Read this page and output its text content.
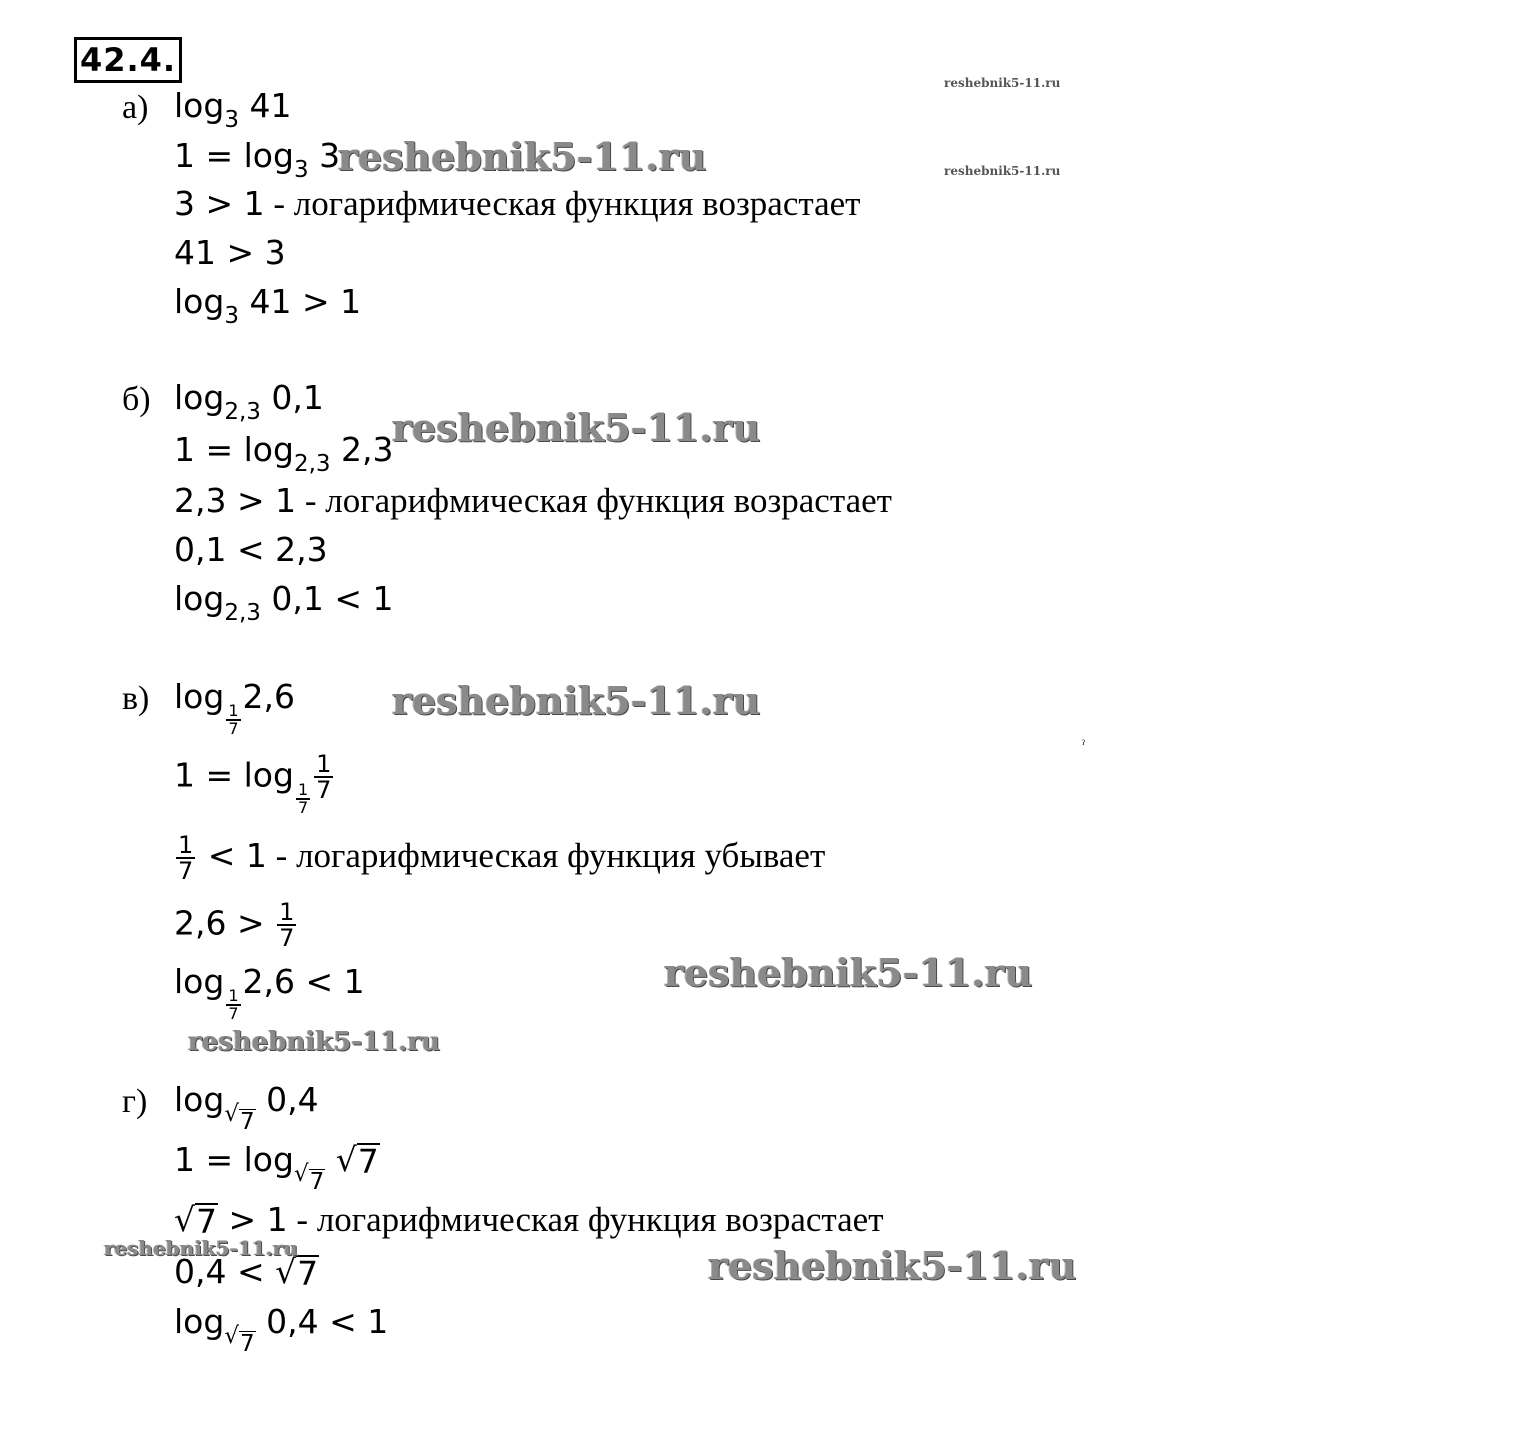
42.4.
а) $\log_3 41$
$1 = \log_3 3$
3 > 1 - логарифмическая функция возрастает
41 > 3
$\log_3 41 > 1$
б) $\log_{2,3} 0,1$
$1 = \log_{2,3} 2,3$
2,3 > 1 - логарифмическая функция возрастает
0,1 < 2,3
$\log_{2,3} 0,1 < 1$
в) log
$\frac{1}{7}$
2,6
1 = log
$\frac{1}{7} \frac{1}{7}$
$\frac{1}{7} < 1$ - логарифмическая функция убывает
$2,6 > \frac{1}{7}$
log
$\frac{1}{7}$
2,6 < 1
г) log $_{√ 7}$
0,4
1 = log $_{√ 7}$

√ 7
√ 7 > 1 - логарифмическая функция возрастает
0,4 < √ 7
log $_{√ 7}$
0,4 < 1
reshebnik5-11.ru
reshebnik5-11.ru
reshebnik5-11.ru
reshebnik5-11.ru
reshebnik5-11.ru
reshebnik5-11.ru
reshebnik5-11.ru
reshebnik5-11.ru	reshebnik5-11.ru
ˀ
